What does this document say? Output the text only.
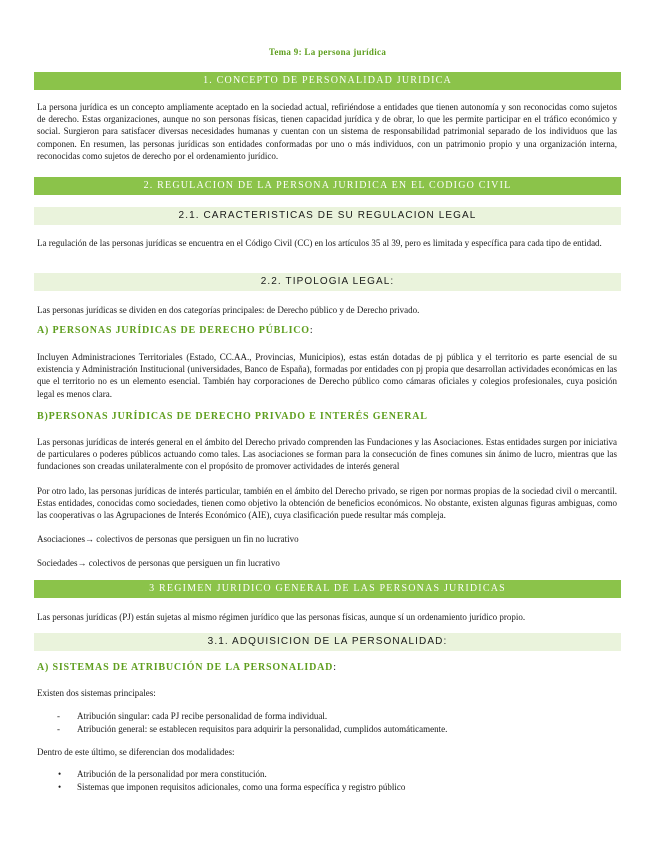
Tema 9: La persona jurídica
1. CONCEPTO DE PERSONALIDAD JURIDICA
La persona jurídica es un concepto ampliamente aceptado en la sociedad actual, refiriéndose a entidades que tienen autonomía y son reconocidas como sujetos de derecho. Estas organizaciones, aunque no son personas físicas, tienen capacidad jurídica y de obrar, lo que les permite participar en el tráfico económico y social. Surgieron para satisfacer diversas necesidades humanas y cuentan con un sistema de responsabilidad patrimonial separado de los individuos que las componen. En resumen, las personas jurídicas son entidades conformadas por uno o más individuos, con un patrimonio propio y una organización interna, reconocidas como sujetos de derecho por el ordenamiento jurídico.
2. REGULACION DE LA PERSONA JURIDICA EN EL CODIGO CIVIL
2.1. CARACTERISTICAS DE SU REGULACION LEGAL
La regulación de las personas jurídicas se encuentra en el Código Civil (CC) en los artículos 35 al 39, pero es limitada y específica para cada tipo de entidad.
2.2. TIPOLOGIA LEGAL:
Las personas jurídicas se dividen en dos categorías principales: de Derecho público y de Derecho privado.
A) PERSONAS JURÍDICAS DE DERECHO PÚBLICO:
Incluyen Administraciones Territoriales (Estado, CC.AA., Provincias, Municipios), estas están dotadas de pj pública y el territorio es parte esencial de su existencia y Administración Institucional (universidades, Banco de España), formadas por entidades con pj propia que desarrollan actividades económicas en las que el territorio no es un elemento esencial. También hay corporaciones de Derecho público como cámaras oficiales y colegios profesionales, cuya posición legal es menos clara.
B)PERSONAS JURÍDICAS DE DERECHO PRIVADO E INTERÉS GENERAL
Las personas jurídicas de interés general en el ámbito del Derecho privado comprenden las Fundaciones y las Asociaciones. Estas entidades surgen por iniciativa de particulares o poderes públicos actuando como tales. Las asociaciones se forman para la consecución de fines comunes sin ánimo de lucro, mientras que las fundaciones son creadas unilateralmente con el propósito de promover actividades de interés general
Por otro lado, las personas jurídicas de interés particular, también en el ámbito del Derecho privado, se rigen por normas propias de la sociedad civil o mercantil. Estas entidades, conocidas como sociedades, tienen como objetivo la obtención de beneficios económicos. No obstante, existen algunas figuras ambiguas, como las cooperativas o las Agrupaciones de Interés Económico (AIE), cuya clasificación puede resultar más compleja.
Asociaciones→ colectivos de personas que persiguen un fin no lucrativo
Sociedades→ colectivos de personas que persiguen un fin lucrativo
3 REGIMEN JURIDICO GENERAL DE LAS PERSONAS JURIDICAS
Las personas jurídicas (PJ) están sujetas al mismo régimen jurídico que las personas físicas, aunque sí un ordenamiento jurídico propio.
3.1. ADQUISICION DE LA PERSONALIDAD:
A) SISTEMAS DE ATRIBUCIÓN DE LA PERSONALIDAD:
Existen dos sistemas principales:
- Atribución singular: cada PJ recibe personalidad de forma individual.
- Atribución general: se establecen requisitos para adquirir la personalidad, cumplidos automáticamente.
Dentro de este último, se diferencian dos modalidades:
• Atribución de la personalidad por mera constitución.
• Sistemas que imponen requisitos adicionales, como una forma específica y registro público
